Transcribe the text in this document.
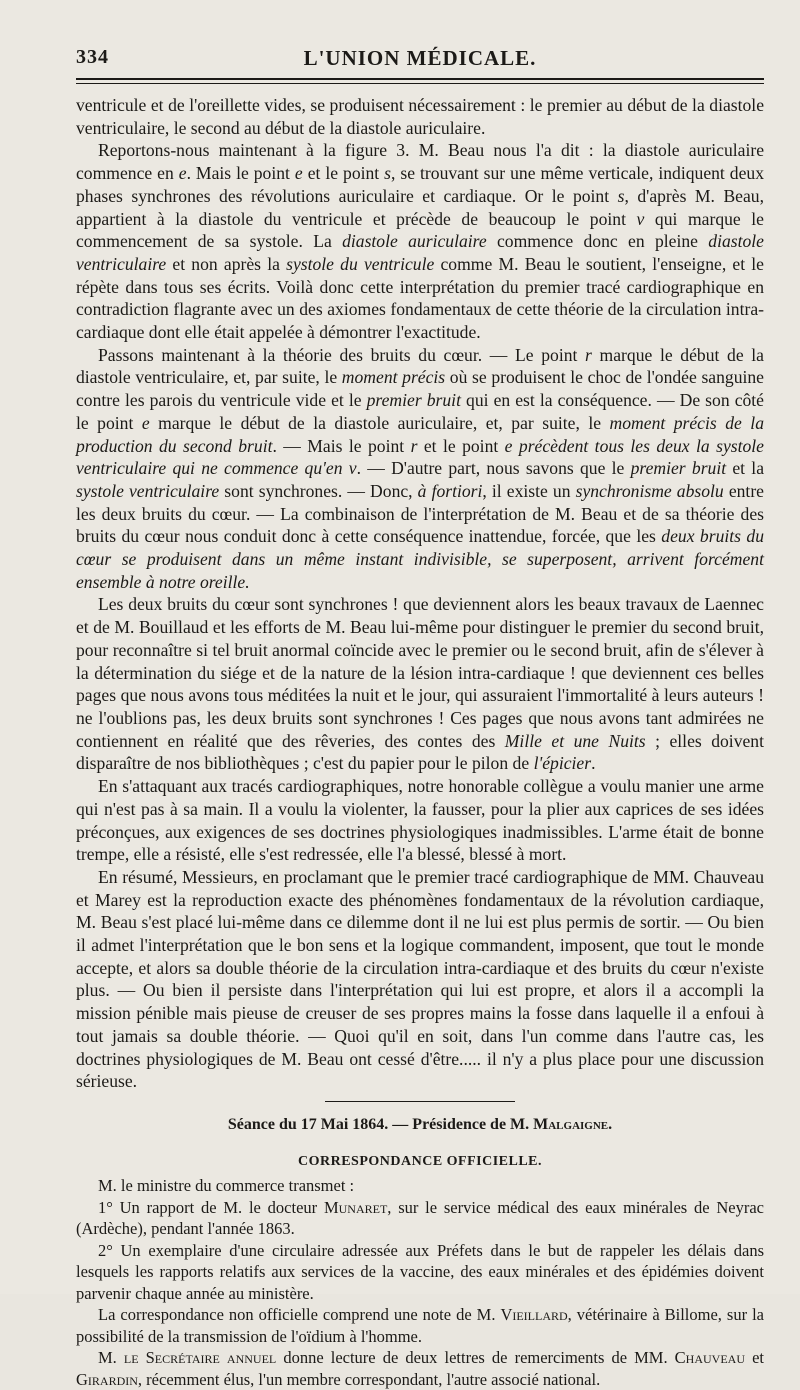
334	L'UNION MÉDICALE.

ventricule et de l'oreillette vides, se produisent nécessairement : le premier au début de la diastole ventriculaire, le second au début de la diastole auriculaire.

Reportons-nous maintenant à la figure 3. M. Beau nous l'a dit : la diastole auriculaire commence en e. Mais le point e et le point s, se trouvant sur une même verticale, indiquent deux phases synchrones des révolutions auriculaire et cardiaque. Or le point s, d'après M. Beau, appartient à la diastole du ventricule et précède de beaucoup le point v qui marque le commencement de sa systole. La diastole auriculaire commence donc en pleine diastole ventriculaire et non après la systole du ventricule comme M. Beau le soutient, l'enseigne, et le répète dans tous ses écrits. Voilà donc cette interprétation du premier tracé cardiographique en contradiction flagrante avec un des axiomes fondamentaux de cette théorie de la circulation intra-cardiaque dont elle était appelée à démontrer l'exactitude.

Passons maintenant à la théorie des bruits du cœur. — Le point r marque le début de la diastole ventriculaire, et, par suite, le moment précis où se produisent le choc de l'ondée sanguine contre les parois du ventricule vide et le premier bruit qui en est la conséquence. — De son côté le point e marque le début de la diastole auriculaire, et, par suite, le moment précis de la production du second bruit. — Mais le point r et le point e précèdent tous les deux la systole ventriculaire qui ne commence qu'en v. — D'autre part, nous savons que le premier bruit et la systole ventriculaire sont synchrones. — Donc, à fortiori, il existe un synchronisme absolu entre les deux bruits du cœur. — La combinaison de l'interprétation de M. Beau et de sa théorie des bruits du cœur nous conduit donc à cette conséquence inattendue, forcée, que les deux bruits du cœur se produisent dans un même instant indivisible, se superposent, arrivent forcément ensemble à notre oreille.

Les deux bruits du cœur sont synchrones ! que deviennent alors les beaux travaux de Laennec et de M. Bouillaud et les efforts de M. Beau lui-même pour distinguer le premier du second bruit, pour reconnaître si tel bruit anormal coïncide avec le premier ou le second bruit, afin de s'élever à la détermination du siége et de la nature de la lésion intra-cardiaque ! que deviennent ces belles pages que nous avons tous méditées la nuit et le jour, qui assuraient l'immortalité à leurs auteurs ! ne l'oublions pas, les deux bruits sont synchrones ! Ces pages que nous avons tant admirées ne contiennent en réalité que des rêveries, des contes des Mille et une Nuits ; elles doivent disparaître de nos bibliothèques ; c'est du papier pour le pilon de l'épicier.

En s'attaquant aux tracés cardiographiques, notre honorable collègue a voulu manier une arme qui n'est pas à sa main. Il a voulu la violenter, la fausser, pour la plier aux caprices de ses idées préconçues, aux exigences de ses doctrines physiologiques inadmissibles. L'arme était de bonne trempe, elle a résisté, elle s'est redressée, elle l'a blessé, blessé à mort.

En résumé, Messieurs, en proclamant que le premier tracé cardiographique de MM. Chauveau et Marey est la reproduction exacte des phénomènes fondamentaux de la révolution cardiaque, M. Beau s'est placé lui-même dans ce dilemme dont il ne lui est plus permis de sortir. — Ou bien il admet l'interprétation que le bon sens et la logique commandent, imposent, que tout le monde accepte, et alors sa double théorie de la circulation intra-cardiaque et des bruits du cœur n'existe plus. — Ou bien il persiste dans l'interprétation qui lui est propre, et alors il a accompli la mission pénible mais pieuse de creuser de ses propres mains la fosse dans laquelle il a enfoui à tout jamais sa double théorie. — Quoi qu'il en soit, dans l'un comme dans l'autre cas, les doctrines physiologiques de M. Beau ont cessé d'être..... il n'y a plus place pour une discussion sérieuse.

Séance du 17 Mai 1864. — Présidence de M. Malgaigne.
CORRESPONDANCE OFFICIELLE.

M. le ministre du commerce transmet :

1° Un rapport de M. le docteur Munaret, sur le service médical des eaux minérales de Neyrac (Ardèche), pendant l'année 1863.

2° Un exemplaire d'une circulaire adressée aux Préfets dans le but de rappeler les délais dans lesquels les rapports relatifs aux services de la vaccine, des eaux minérales et des épidémies doivent parvenir chaque année au ministère.

La correspondance non officielle comprend une note de M. Vieillard, vétérinaire à Billome, sur la possibilité de la transmission de l'oïdium à l'homme.

M. le Secrétaire annuel donne lecture de deux lettres de remerciments de MM. Chauveau et Girardin, récemment élus, l'un membre correspondant, l'autre associé national.
